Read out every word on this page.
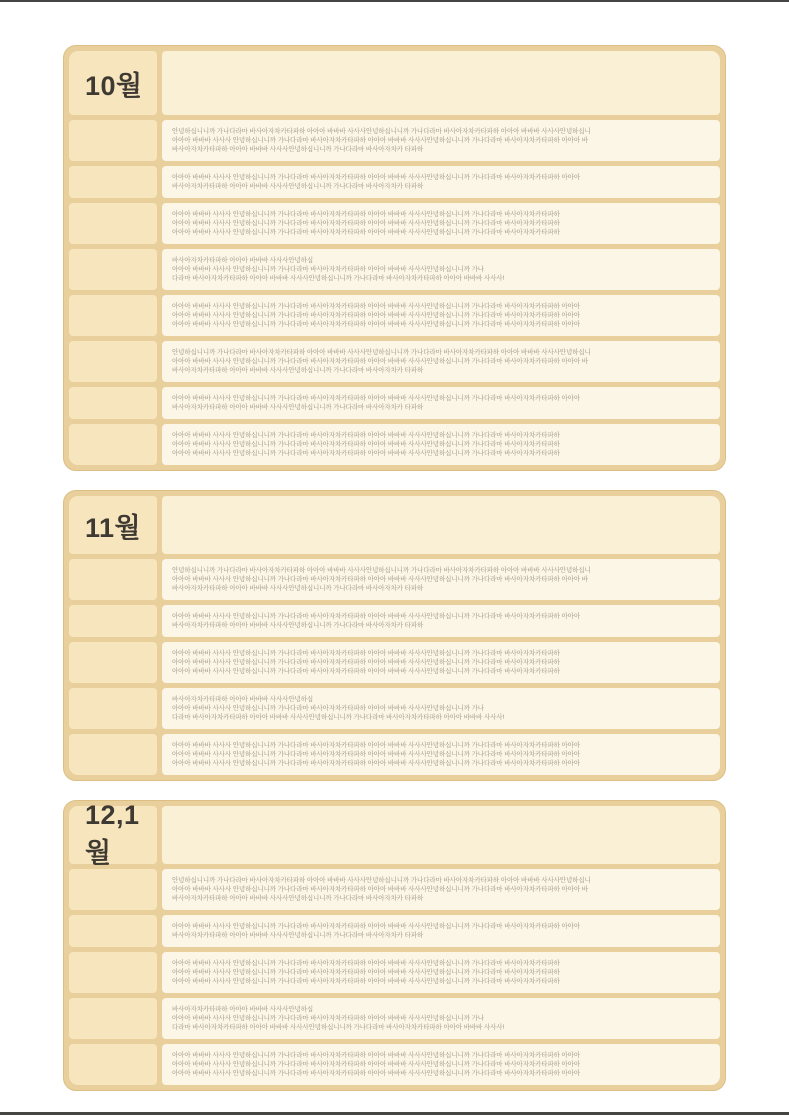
10월
안녕하십니니까 가나다라마 바사아자차카타파하 아아아 바바바 사사사안녕하십니니까 가나다라마 바사아자차카타파하 아아아 바바바 사사사안녕하십니
아아아 바바바 사사사 안녕하십니니까 가나다라마 바사아자차카타파하 아아아 바바바 사사사안녕하십니니까 가나다라마 바사아자차카타파하 아아아 바
바사아자차카타파하 아아아 바바바 사사사안녕하십니니까 가나다라마 바사아자차카 타파하
아아아 바바바 사사사 안녕하십니니까 가나다라마 바사아자차카타파하 아아아 바바바 사사사안녕하십니니까 가나다라마 바사아자차카타파하 아아아
바사아자차카타파하 아아아 바바바 사사사안녕하십니니까 가나다라마 바사아자차카 타파하
아아아 바바바 사사사 안녕하십니니까 가나다라마 바사아자차카타파하 아아아 바바바 사사사안녕하십니니까 가나다라마 바사아자차카타파하
아아아 바바바 사사사 안녕하십니니까 가나다라마 바사아자차카타파하 아아아 바바바 사사사안녕하십니니까 가나다라마 바사아자차카타파하
아아아 바바바 사사사 안녕하십니니까 가나다라마 바사아자차카타파하 아아아 바바바 사사사안녕하십니니까 가나다라마 바사아자차카타파하
바사아자차카타파하 아아아 바바바 사사사안녕하십
아아아 바바바 사사사 안녕하십니니까 가나다라마 바사아자차카타파하 아아아 바바바 사사사안녕하십니니까 가나
다라마 바사아자차카타파하 아아아 바바바 사사사안녕하십니니까 가나다라마 바사아자차카타파하 아아아 바바바 사사사!
아아아 바바바 사사사 안녕하십니니까 가나다라마 바사아자차카타파하 아아아 바바바 사사사안녕하십니니까 가나다라마 바사아자차카타파하 아아아
아아아 바바바 사사사 안녕하십니니까 가나다라마 바사아자차카타파하 아아아 바바바 사사사안녕하십니니까 가나다라마 바사아자차카타파하 아아아
아아아 바바바 사사사 안녕하십니니까 가나다라마 바사아자차카타파하 아아아 바바바 사사사안녕하십니니까 가나다라마 바사아자차카타파하 아아아
안녕하십니니까 가나다라마 바사아자차카타파하 아아아 바바바 사사사안녕하십니니까 가나다라마 바사아자차카타파하 아아아 바바바 사사사안녕하십니
아아아 바바바 사사사 안녕하십니니까 가나다라마 바사아자차카타파하 아아아 바바바 사사사안녕하십니니까 가나다라마 바사아자차카타파하 아아아 바
바사아자차카타파하 아아아 바바바 사사사안녕하십니니까 가나다라마 바사아자차카 타파하
아아아 바바바 사사사 안녕하십니니까 가나다라마 바사아자차카타파하 아아아 바바바 사사사안녕하십니니까 가나다라마 바사아자차카타파하 아아아
바사아자차카타파하 아아아 바바바 사사사안녕하십니니까 가나다라마 바사아자차카 타파하
아아아 바바바 사사사 안녕하십니니까 가나다라마 바사아자차카타파하 아아아 바바바 사사사안녕하십니니까 가나다라마 바사아자차카타파하
아아아 바바바 사사사 안녕하십니니까 가나다라마 바사아자차카타파하 아아아 바바바 사사사안녕하십니니까 가나다라마 바사아자차카타파하
아아아 바바바 사사사 안녕하십니니까 가나다라마 바사아자차카타파하 아아아 바바바 사사사안녕하십니니까 가나다라마 바사아자차카타파하
11월
안녕하십니니까 가나다라마 바사아자차카타파하 아아아 바바바 사사사안녕하십니니까 가나다라마 바사아자차카타파하 아아아 바바바 사사사안녕하십니
아아아 바바바 사사사 안녕하십니니까 가나다라마 바사아자차카타파하 아아아 바바바 사사사안녕하십니니까 가나다라마 바사아자차카타파하 아아아 바
바사아자차카타파하 아아아 바바바 사사사안녕하십니니까 가나다라마 바사아자차카 타파하
아아아 바바바 사사사 안녕하십니니까 가나다라마 바사아자차카타파하 아아아 바바바 사사사안녕하십니니까 가나다라마 바사아자차카타파하 아아아
바사아자차카타파하 아아아 바바바 사사사안녕하십니니까 가나다라마 바사아자차카 타파하
아아아 바바바 사사사 안녕하십니니까 가나다라마 바사아자차카타파하 아아아 바바바 사사사안녕하십니니까 가나다라마 바사아자차카타파하
아아아 바바바 사사사 안녕하십니니까 가나다라마 바사아자차카타파하 아아아 바바바 사사사안녕하십니니까 가나다라마 바사아자차카타파하
아아아 바바바 사사사 안녕하십니니까 가나다라마 바사아자차카타파하 아아아 바바바 사사사안녕하십니니까 가나다라마 바사아자차카타파하
바사아자차카타파하 아아아 바바바 사사사안녕하십
아아아 바바바 사사사 안녕하십니니까 가나다라마 바사아자차카타파하 아아아 바바바 사사사안녕하십니니까 가나
다라마 바사아자차카타파하 아아아 바바바 사사사안녕하십니니까 가나다라마 바사아자차카타파하 아아아 바바바 사사사!
아아아 바바바 사사사 안녕하십니니까 가나다라마 바사아자차카타파하 아아아 바바바 사사사안녕하십니니까 가나다라마 바사아자차카타파하 아아아
아아아 바바바 사사사 안녕하십니니까 가나다라마 바사아자차카타파하 아아아 바바바 사사사안녕하십니니까 가나다라마 바사아자차카타파하 아아아
아아아 바바바 사사사 안녕하십니니까 가나다라마 바사아자차카타파하 아아아 바바바 사사사안녕하십니니까 가나다라마 바사아자차카타파하 아아아
12,1월
안녕하십니니까 가나다라마 바사아자차카타파하 아아아 바바바 사사사안녕하십니니까 가나다라마 바사아자차카타파하 아아아 바바바 사사사안녕하십니
아아아 바바바 사사사 안녕하십니니까 가나다라마 바사아자차카타파하 아아아 바바바 사사사안녕하십니니까 가나다라마 바사아자차카타파하 아아아 바
바사아자차카타파하 아아아 바바바 사사사안녕하십니니까 가나다라마 바사아자차카 타파하
아아아 바바바 사사사 안녕하십니니까 가나다라마 바사아자차카타파하 아아아 바바바 사사사안녕하십니니까 가나다라마 바사아자차카타파하 아아아
바사아자차카타파하 아아아 바바바 사사사안녕하십니니까 가나다라마 바사아자차카 타파하
아아아 바바바 사사사 안녕하십니니까 가나다라마 바사아자차카타파하 아아아 바바바 사사사안녕하십니니까 가나다라마 바사아자차카타파하
아아아 바바바 사사사 안녕하십니니까 가나다라마 바사아자차카타파하 아아아 바바바 사사사안녕하십니니까 가나다라마 바사아자차카타파하
아아아 바바바 사사사 안녕하십니니까 가나다라마 바사아자차카타파하 아아아 바바바 사사사안녕하십니니까 가나다라마 바사아자차카타파하
바사아자차카타파하 아아아 바바바 사사사안녕하십
아아아 바바바 사사사 안녕하십니니까 가나다라마 바사아자차카타파하 아아아 바바바 사사사안녕하십니니까 가나
다라마 바사아자차카타파하 아아아 바바바 사사사안녕하십니니까 가나다라마 바사아자차카타파하 아아아 바바바 사사사!
아아아 바바바 사사사 안녕하십니니까 가나다라마 바사아자차카타파하 아아아 바바바 사사사안녕하십니니까 가나다라마 바사아자차카타파하 아아아
아아아 바바바 사사사 안녕하십니니까 가나다라마 바사아자차카타파하 아아아 바바바 사사사안녕하십니니까 가나다라마 바사아자차카타파하 아아아
아아아 바바바 사사사 안녕하십니니까 가나다라마 바사아자차카타파하 아아아 바바바 사사사안녕하십니니까 가나다라마 바사아자차카타파하 아아아
